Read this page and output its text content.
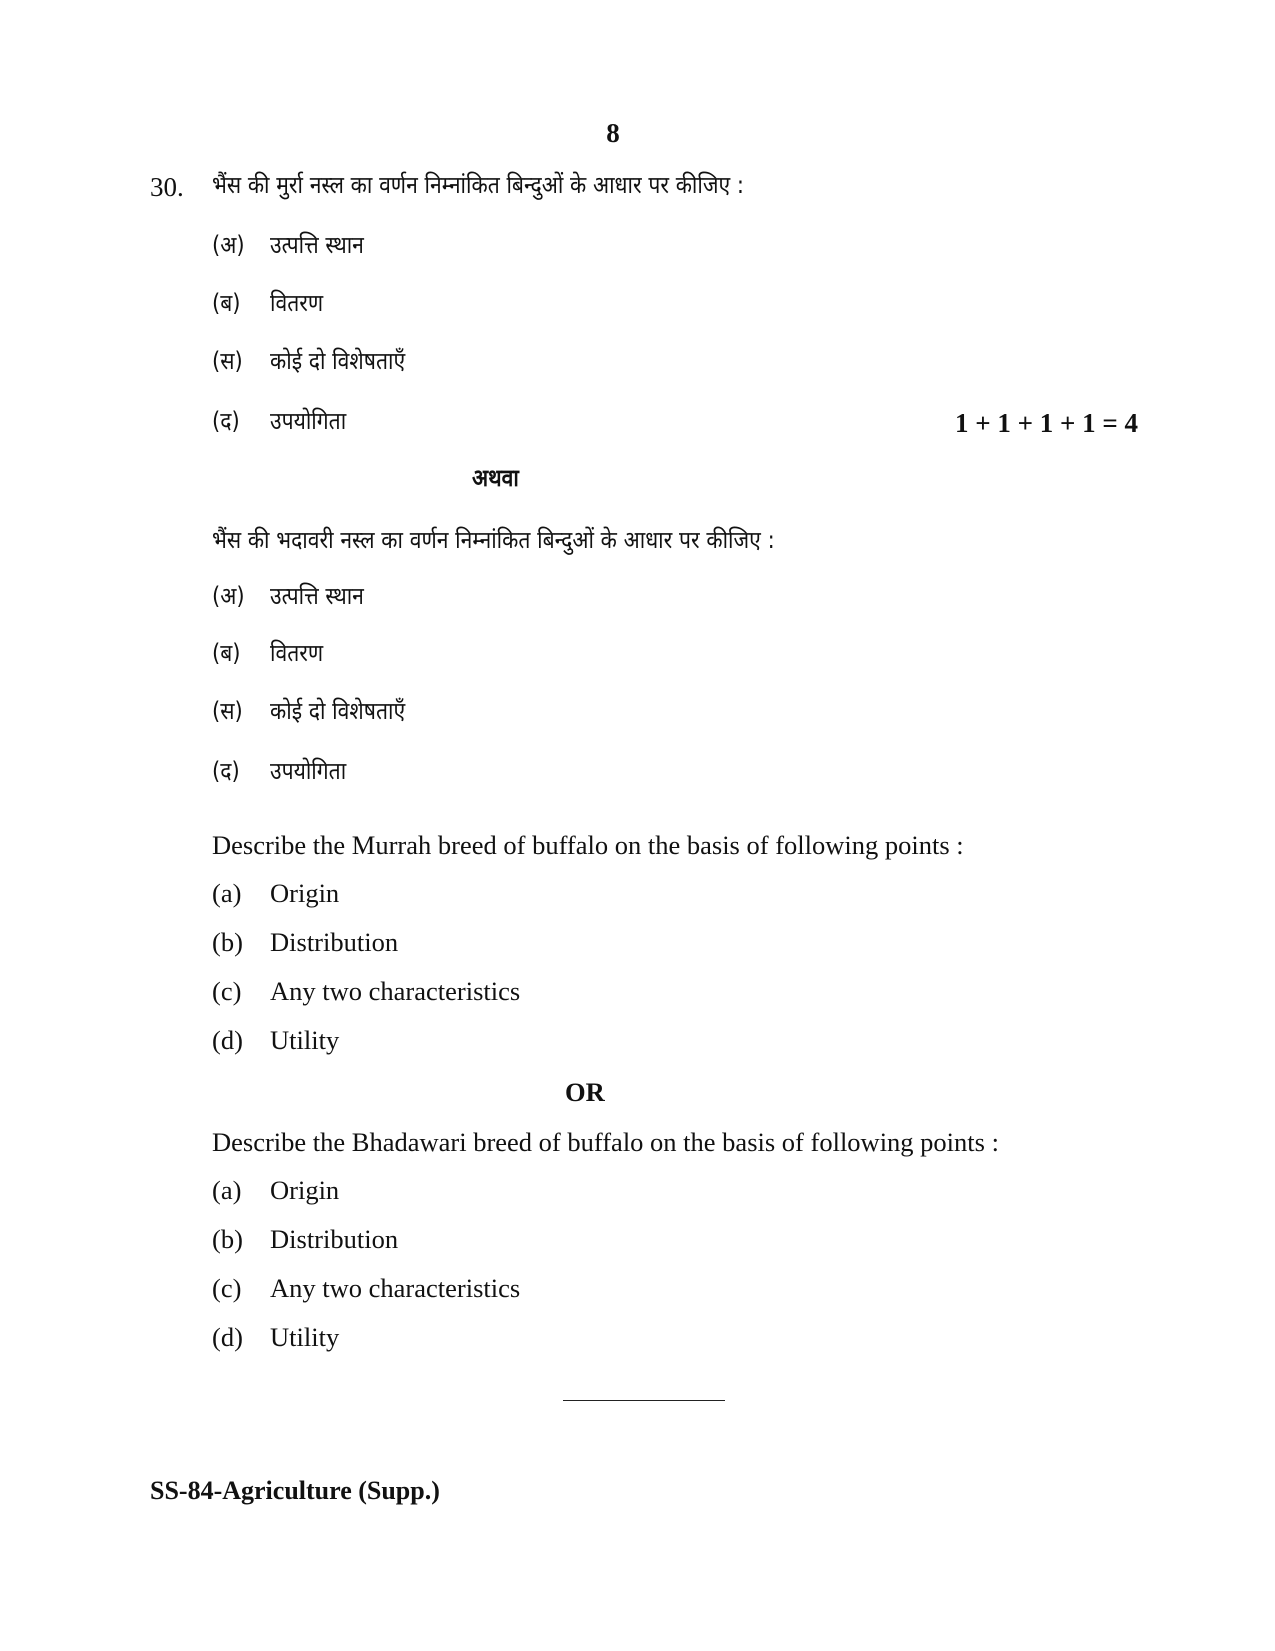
8
30. भैंस की मुर्रा नस्ल का वर्णन निम्नांकित बिन्दुओं के आधार पर कीजिए :
(अ) उत्पत्ति स्थान
(ब) वितरण
(स) कोई दो विशेषताएँ
(द) उपयोगिता	1 + 1 + 1 + 1 = 4
अथवा
भैंस की भदावरी नस्ल का वर्णन निम्नांकित बिन्दुओं के आधार पर कीजिए :
(अ) उत्पत्ति स्थान
(ब) वितरण
(स) कोई दो विशेषताएँ
(द) उपयोगिता
Describe the Murrah breed of buffalo on the basis of following points :
(a) Origin
(b) Distribution
(c) Any two characteristics
(d) Utility
OR
Describe the Bhadawari breed of buffalo on the basis of following points :
(a) Origin
(b) Distribution
(c) Any two characteristics
(d) Utility
SS-84-Agriculture (Supp.)
